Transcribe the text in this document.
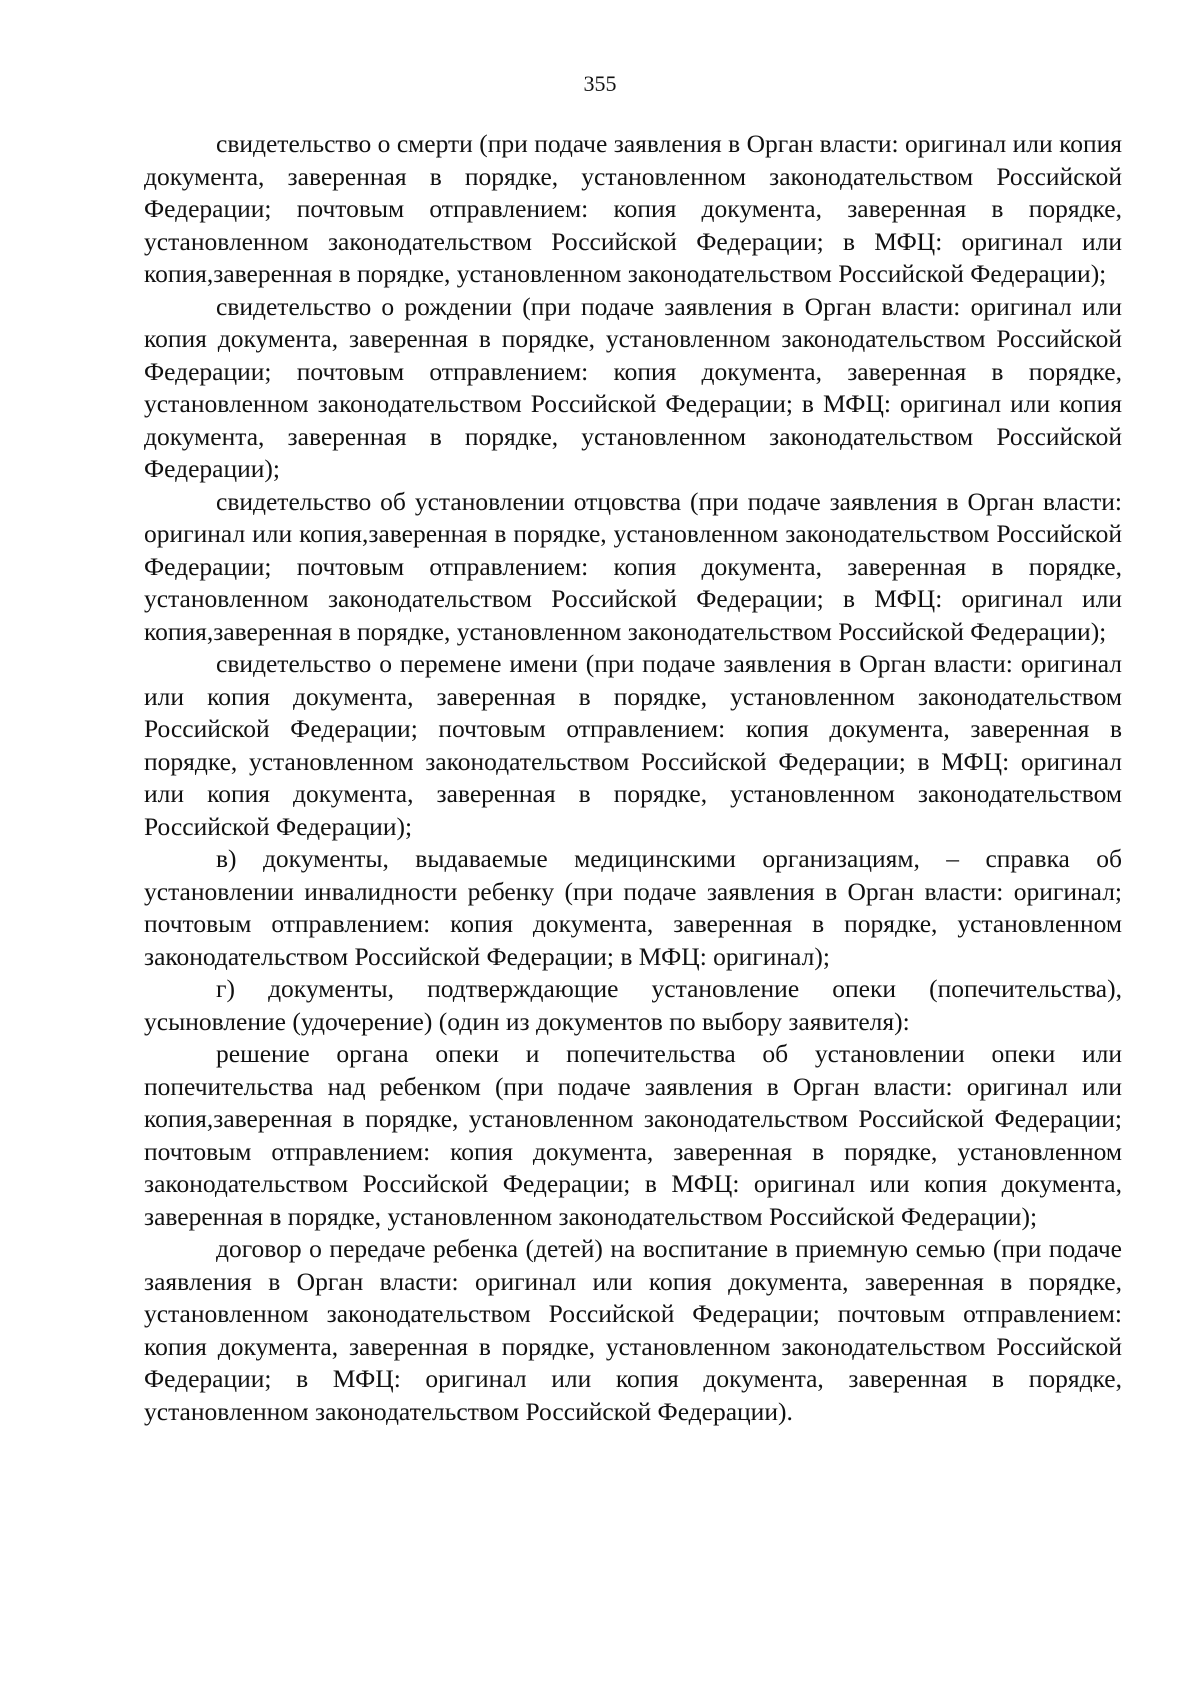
355

свидетельство о смерти (при подаче заявления в Орган власти: оригинал или копия документа, заверенная в порядке, установленном законодательством Российской Федерации; почтовым отправлением: копия документа, заверенная в порядке, установленном законодательством Российской Федерации; в МФЦ: оригинал или копия,заверенная в порядке, установленном законодательством Российской Федерации);

свидетельство о рождении (при подаче заявления в Орган власти: оригинал или копия документа, заверенная в порядке, установленном законодательством Российской Федерации; почтовым отправлением: копия документа, заверенная в порядке, установленном законодательством Российской Федерации; в МФЦ: оригинал или копия документа, заверенная в порядке, установленном законодательством Российской Федерации);

свидетельство об установлении отцовства (при подаче заявления в Орган власти: оригинал или копия,заверенная в порядке, установленном законодательством Российской Федерации; почтовым отправлением: копия документа, заверенная в порядке, установленном законодательством Российской Федерации; в МФЦ: оригинал или копия,заверенная в порядке, установленном законодательством Российской Федерации);

свидетельство о перемене имени (при подаче заявления в Орган власти: оригинал или копия документа, заверенная в порядке, установленном законодательством Российской Федерации; почтовым отправлением: копия документа, заверенная в порядке, установленном законодательством Российской Федерации; в МФЦ: оригинал или копия документа, заверенная в порядке, установленном законодательством Российской Федерации);

в) документы, выдаваемые медицинскими организациям, – справка об установлении инвалидности ребенку (при подаче заявления в Орган власти: оригинал; почтовым отправлением: копия документа, заверенная в порядке, установленном законодательством Российской Федерации; в МФЦ: оригинал);

г) документы, подтверждающие установление опеки (попечительства), усыновление (удочерение) (один из документов по выбору заявителя):

решение органа опеки и попечительства об установлении опеки или попечительства над ребенком (при подаче заявления в Орган власти: оригинал или копия,заверенная в порядке, установленном законодательством Российской Федерации; почтовым отправлением: копия документа, заверенная в порядке, установленном законодательством Российской Федерации; в МФЦ: оригинал или копия документа, заверенная в порядке, установленном законодательством Российской Федерации);

договор о передаче ребенка (детей) на воспитание в приемную семью (при подаче заявления в Орган власти: оригинал или копия документа, заверенная в порядке, установленном законодательством Российской Федерации; почтовым отправлением: копия документа, заверенная в порядке, установленном законодательством Российской Федерации; в МФЦ: оригинал или копия документа, заверенная в порядке, установленном законодательством Российской Федерации).
